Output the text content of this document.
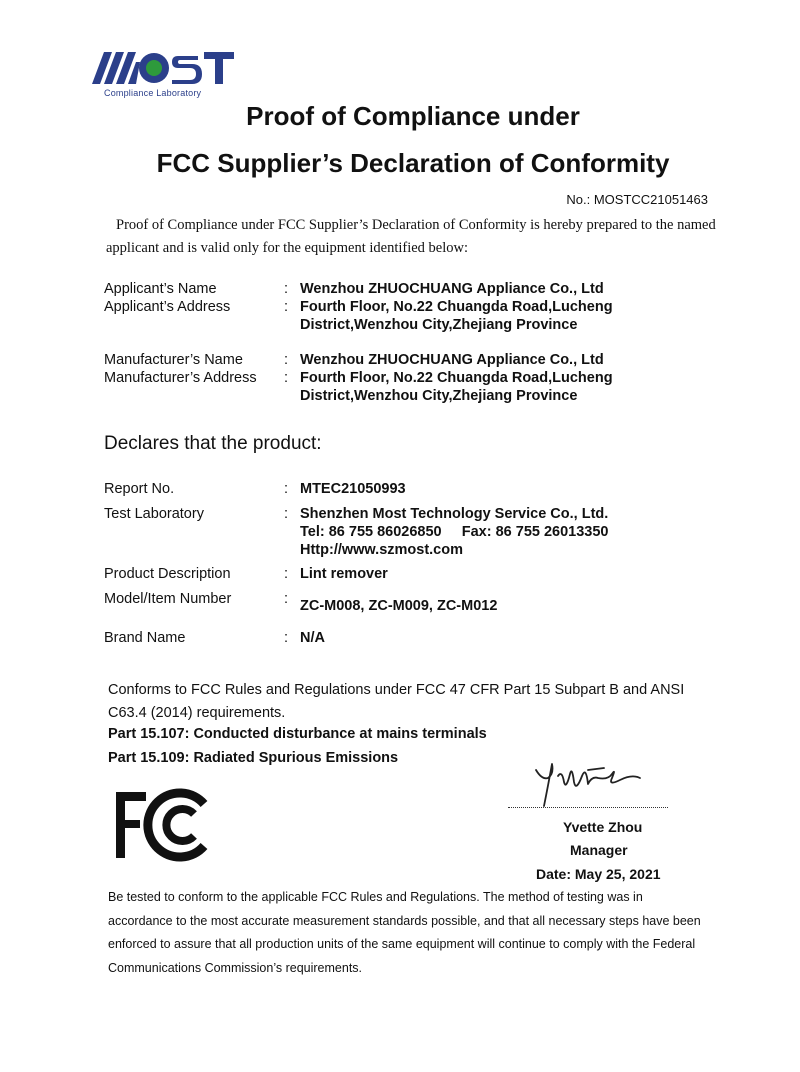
Compliance Laboratory
Proof of Compliance under
FCC Supplier’s Declaration of Conformity
No.: MOSTCC21051463
Proof of Compliance under FCC Supplier’s Declaration of Conformity is hereby prepared to the named applicant and is valid only for the equipment identified below:
Applicant’s Name	: Wenzhou ZHUOCHUANG Appliance Co., Ltd
Applicant’s Address	: Fourth Floor, No.22 Chuangda Road,Lucheng
District,Wenzhou City,Zhejiang Province
Manufacturer’s Name	: Wenzhou ZHUOCHUANG Appliance Co., Ltd
Manufacturer’s Address	: Fourth Floor, No.22 Chuangda Road,Lucheng
District,Wenzhou City,Zhejiang Province
Declares that the product:
Report No.	: MTEC21050993
Test Laboratory	: Shenzhen Most Technology Service Co., Ltd.
Tel: 86 755 86026850     Fax: 86 755 26013350
Http://www.szmost.com
Product Description	: Lint remover
Model/Item Number	: ZC-M008, ZC-M009, ZC-M012
Brand Name	: N/A
Conforms to FCC Rules and Regulations under FCC 47 CFR Part 15 Subpart B and ANSI C63.4 (2014) requirements.
Part 15.107: Conducted disturbance at mains terminals
Part 15.109: Radiated Spurious Emissions
Yvette Zhou
Manager
Date: May 25, 2021
Be tested to conform to the applicable FCC Rules and Regulations. The method of testing was in accordance to the most accurate measurement standards possible, and that all necessary steps have been enforced to assure that all production units of the same equipment will continue to comply with the Federal Communications Commission’s requirements.
